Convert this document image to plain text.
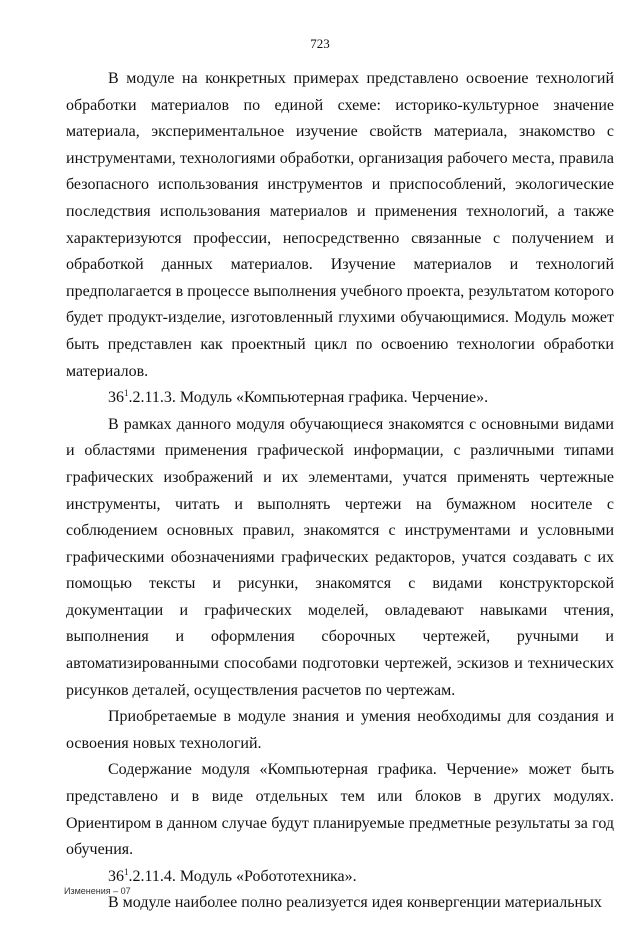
723

В модуле на конкретных примерах представлено освоение технологий обработки материалов по единой схеме: историко-культурное значение материала, экспериментальное изучение свойств материала, знакомство с инструментами, технологиями обработки, организация рабочего места, правила безопасного использования инструментов и приспособлений, экологические последствия использования материалов и применения технологий, а также характеризуются профессии, непосредственно связанные с получением и обработкой данных материалов. Изучение материалов и технологий предполагается в процессе выполнения учебного проекта, результатом которого будет продукт-изделие, изготовленный глухими обучающимися. Модуль может быть представлен как проектный цикл по освоению технологии обработки материалов.

$36^1.2.11.3$. Модуль «Компьютерная графика. Черчение».

В рамках данного модуля обучающиеся знакомятся с основными видами и областями применения графической информации, с различными типами графических изображений и их элементами, учатся применять чертежные инструменты, читать и выполнять чертежи на бумажном носителе с соблюдением основных правил, знакомятся с инструментами и условными графическими обозначениями графических редакторов, учатся создавать с их помощью тексты и рисунки, знакомятся с видами конструкторской документации и графических моделей, овладевают навыками чтения, выполнения и оформления сборочных чертежей, ручными и автоматизированными способами подготовки чертежей, эскизов и технических рисунков деталей, осуществления расчетов по чертежам.

Приобретаемые в модуле знания и умения необходимы для создания и освоения новых технологий.

Содержание модуля «Компьютерная графика. Черчение» может быть представлено и в виде отдельных тем или блоков в других модулях. Ориентиром в данном случае будут планируемые предметные результаты за год обучения.

$36^1.2.11.4$. Модуль «Робототехника».

В модуле наиболее полно реализуется идея конвергенции материальных

Изменения – 07
